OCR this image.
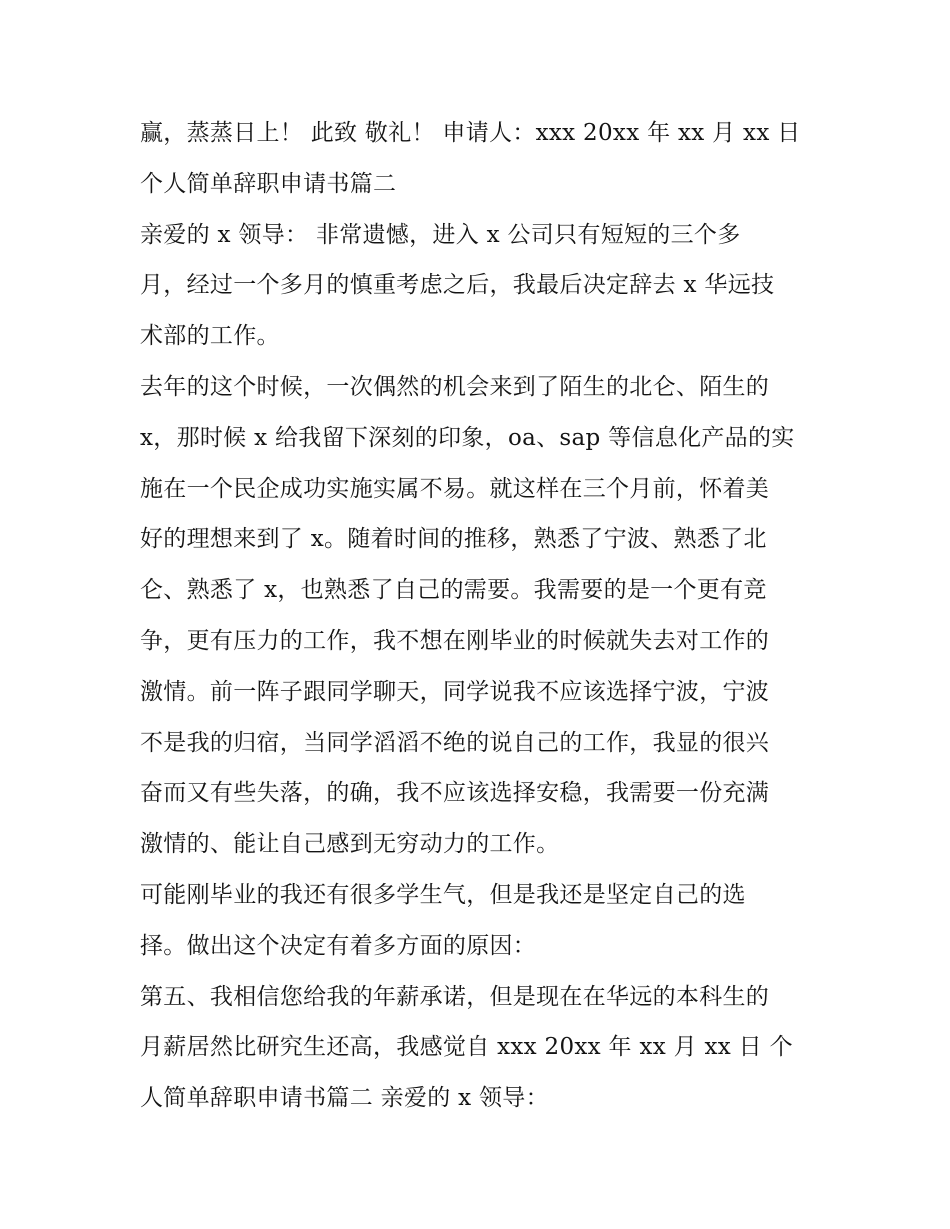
赢，蒸蒸日上！ 此致 敬礼！ 申请人：xxx 20xx 年 xx 月 xx 日
个人简单辞职申请书篇二
亲爱的 x 领导： 非常遗憾，进入 x 公司只有短短的三个多
月，经过一个多月的慎重考虑之后，我最后决定辞去 x 华远技
术部的工作。
去年的这个时候，一次偶然的机会来到了陌生的北仑、陌生的
x，那时候 x 给我留下深刻的印象，oa、sap 等信息化产品的实
施在一个民企成功实施实属不易。就这样在三个月前，怀着美
好的理想来到了 x。随着时间的推移，熟悉了宁波、熟悉了北
仑、熟悉了 x，也熟悉了自己的需要。我需要的是一个更有竞
争，更有压力的工作，我不想在刚毕业的时候就失去对工作的
激情。前一阵子跟同学聊天，同学说我不应该选择宁波，宁波
不是我的归宿，当同学滔滔不绝的说自己的工作，我显的很兴
奋而又有些失落，的确，我不应该选择安稳，我需要一份充满
激情的、能让自己感到无穷动力的工作。
可能刚毕业的我还有很多学生气，但是我还是坚定自己的选
择。做出这个决定有着多方面的原因：
第五、我相信您给我的年薪承诺，但是现在在华远的本科生的
月薪居然比研究生还高，我感觉自 xxx 20xx 年 xx 月 xx 日 个
人简单辞职申请书篇二 亲爱的 x 领导：
